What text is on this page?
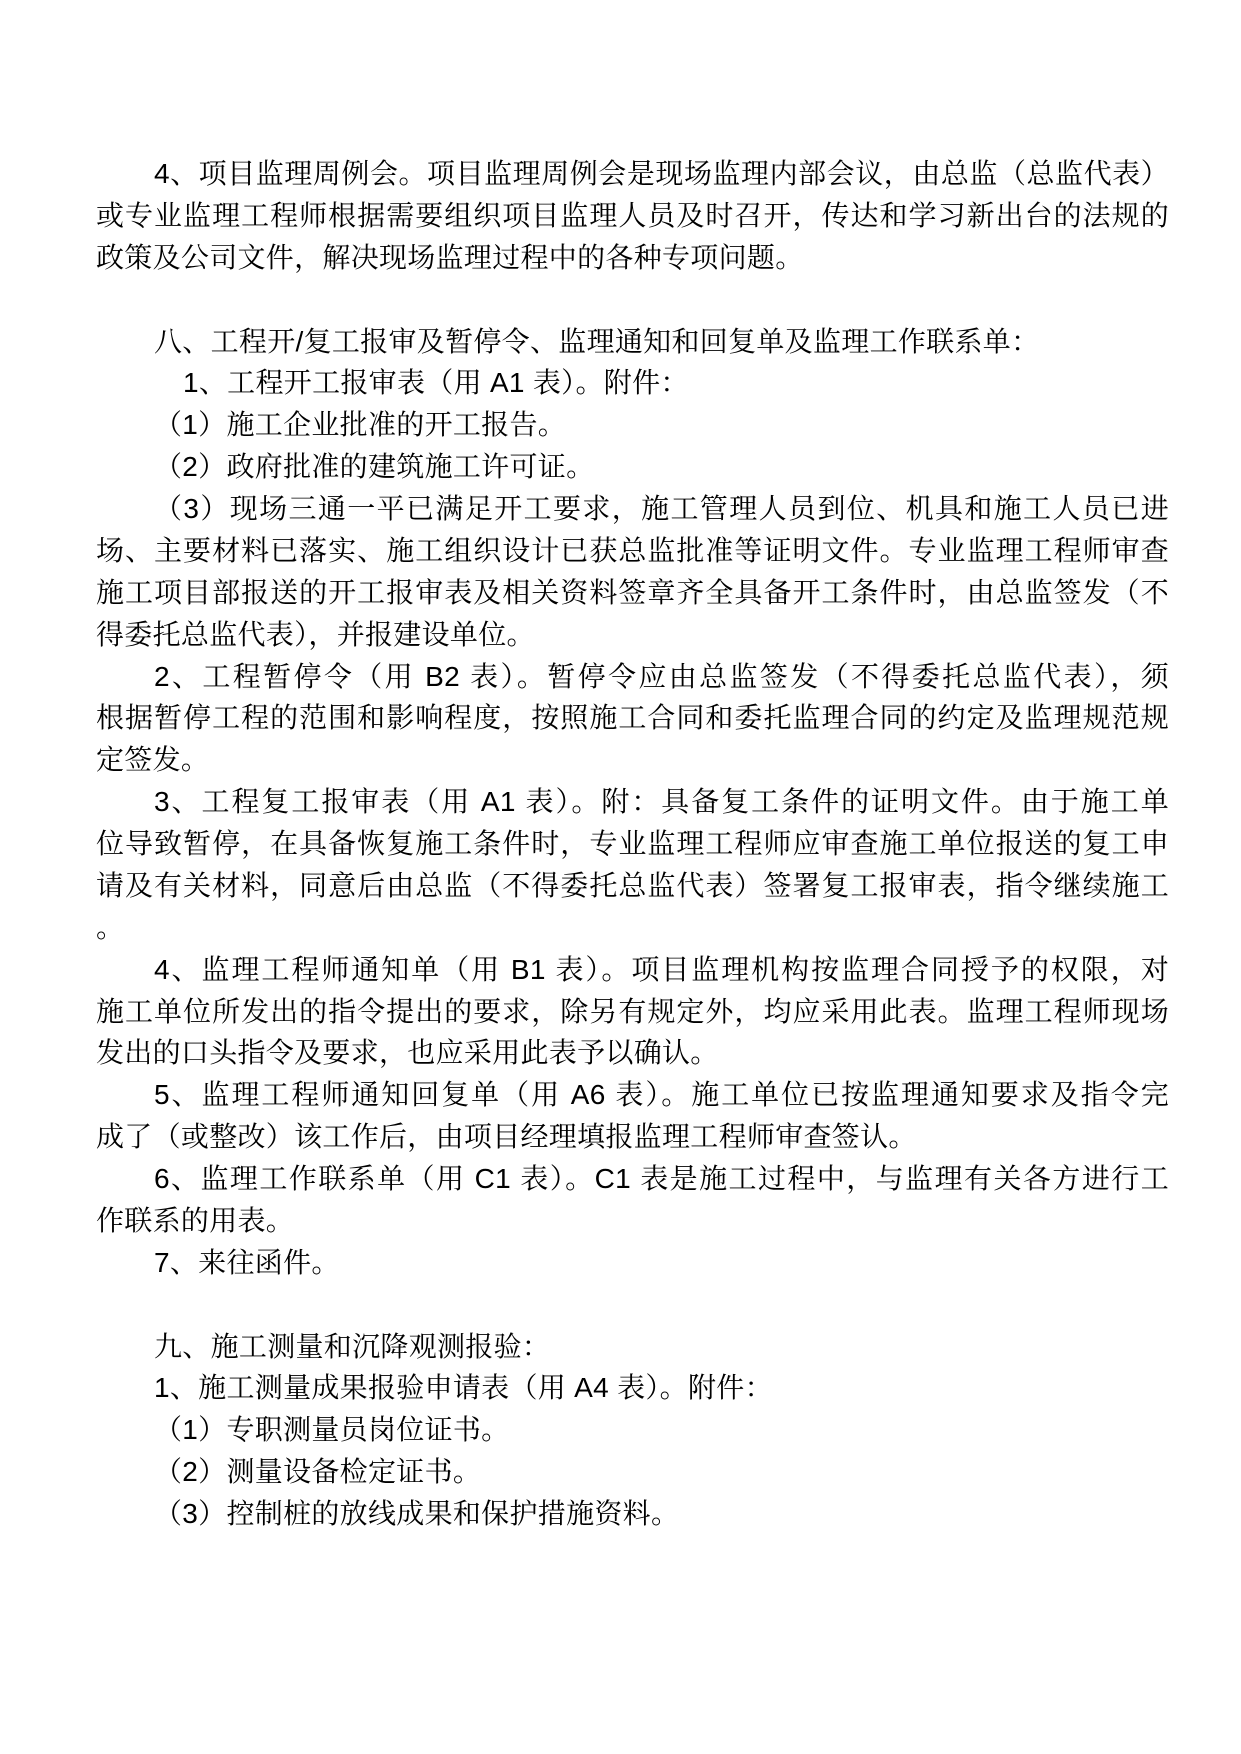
4、项目监理周例会。项目监理周例会是现场监理内部会议，由总监（总监代表）
或专业监理工程师根据需要组织项目监理人员及时召开，传达和学习新出台的法规的
政策及公司文件，解决现场监理过程中的各种专项问题。
八、工程开/复工报审及暂停令、监理通知和回复单及监理工作联系单：
1、工程开工报审表（用 A1 表）。附件：
（1）施工企业批准的开工报告。
（2）政府批准的建筑施工许可证。
（3）现场三通一平已满足开工要求，施工管理人员到位、机具和施工人员已进
场、主要材料已落实、施工组织设计已获总监批准等证明文件。专业监理工程师审查
施工项目部报送的开工报审表及相关资料签章齐全具备开工条件时，由总监签发（不
得委托总监代表），并报建设单位。
2、工程暂停令（用 B2 表）。暂停令应由总监签发（不得委托总监代表），须
根据暂停工程的范围和影响程度，按照施工合同和委托监理合同的约定及监理规范规
定签发。
3、工程复工报审表（用 A1 表）。附：具备复工条件的证明文件。由于施工单
位导致暂停，在具备恢复施工条件时，专业监理工程师应审查施工单位报送的复工申
请及有关材料，同意后由总监（不得委托总监代表）签署复工报审表，指令继续施工
。
4、监理工程师通知单（用 B1 表）。项目监理机构按监理合同授予的权限，对
施工单位所发出的指令提出的要求，除另有规定外，均应采用此表。监理工程师现场
发出的口头指令及要求，也应采用此表予以确认。
5、监理工程师通知回复单（用 A6 表）。施工单位已按监理通知要求及指令完
成了（或整改）该工作后，由项目经理填报监理工程师审查签认。
6、监理工作联系单（用 C1 表）。C1 表是施工过程中，与监理有关各方进行工
作联系的用表。
7、来往函件。
九、施工测量和沉降观测报验：
1、施工测量成果报验申请表（用 A4 表）。附件：
（1）专职测量员岗位证书。
（2）测量设备检定证书。
（3）控制桩的放线成果和保护措施资料。
